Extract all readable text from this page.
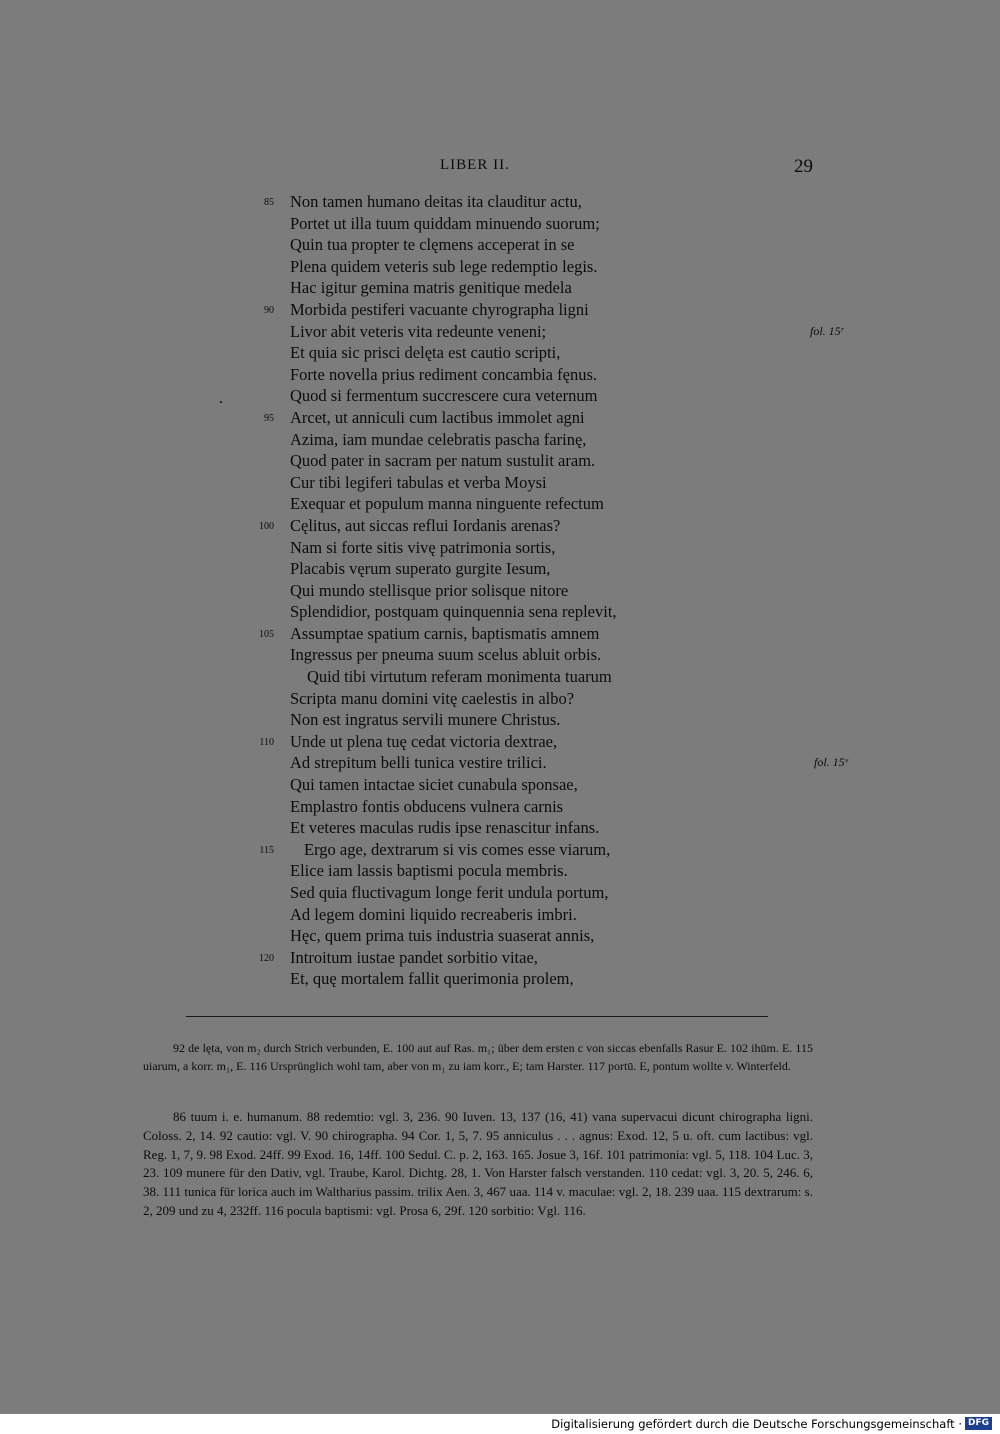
LIBER II.	29
85 Non tamen humano deitas ita clauditur actu,
Portet ut illa tuum quiddam minuendo suorum;
Quin tua propter te clęmens acceperat in se
Plena quidem veteris sub lege redemptio legis.
Hac igitur gemina matris genitique medela
90 Morbida pestiferi vacuante chyrographa ligni
Livor abit veteris vita redeunte veneni;	fol. 15ʳ
Et quia sic prisci delęta est cautio scripti,
Forte novella prius rediment concambia fęnus.
Quod si fermentum succrescere cura veternum
95 Arcet, ut anniculi cum lactibus immolet agni
Azima, iam mundae celebratis pascha farinę,
Quod pater in sacram per natum sustulit aram.
Cur tibi legiferi tabulas et verba Moysi
Exequar et populum manna ninguente refectum
100 Cęlitus, aut siccas reflui Iordanis arenas?
Nam si forte sitis vivę patrimonia sortis,
Placabis vęrum superato gurgite Iesum,
Qui mundo stellisque prior solisque nitore
Splendidior, postquam quinquennia sena replevit,
105 Assumptae spatium carnis, baptismatis amnem
Ingressus per pneuma suum scelus abluit orbis.
Quid tibi virtutum referam monimenta tuarum
Scripta manu domini vitę caelestis in albo?
Non est ingratus servili munere Christus.
110 Unde ut plena tuę cedat victoria dextrae,
Ad strepitum belli tunica vestire trilici.	fol. 15ᵛ
Qui tamen intactae siciet cunabula sponsae,
Emplastro fontis obducens vulnera carnis
Et veteres maculas rudis ipse renascitur infans.
115 Ergo age, dextrarum si vis comes esse viarum,
Elice iam lassis baptismi pocula membris.
Sed quia fluctivagum longe ferit undula portum,
Ad legem domini liquido recreaberis imbri.
Hęc, quem prima tuis industria suaserat annis,
120 Introitum iustae pandet sorbitio vitae,
Et, quę mortalem fallit querimonia prolem,

92 de lęta, von m₂ durch Strich verbunden, E. 100 aut auf Ras. m₁; über dem ersten c von siccas ebenfalls Rasur E. 102 ihūm. E. 115 uiarum, a korr. m₁, E. 116 Ursprünglich wohl tam, aber von m₁ zu iam korr., E; tam Harster. 117 portū. E, pontum wollte v. Winterfeld.

86 tuum i. e. humanum. 88 redemtio: vgl. 3, 236. 90 Iuven. 13, 137 (16, 41) vana supervacui dicunt chirographa ligni. Coloss. 2, 14. 92 cautio: vgl. V. 90 chirographa. 94 Cor. 1, 5, 7. 95 anniculus . . . agnus: Exod. 12, 5 u. oft. cum lactibus: vgl. Reg. 1, 7, 9. 98 Exod. 24ff. 99 Exod. 16, 14ff. 100 Sedul. C. p. 2, 163. 165. Josue 3, 16f. 101 patrimonia: vgl. 5, 118. 104 Luc. 3, 23. 109 munere für den Dativ, vgl. Traube, Karol. Dichtg. 28, 1. Von Harster falsch verstanden. 110 cedat: vgl. 3, 20. 5, 246. 6, 38. 111 tunica für lorica auch im Waltharius passim. trilix Aen. 3, 467 uaa. 114 v. maculae: vgl. 2, 18. 239 uaa. 115 dextrarum: s. 2, 209 und zu 4, 232ff. 116 pocula baptismi: vgl. Prosa 6, 29f. 120 sorbitio: Vgl. 116.

Digitalisierung gefördert durch die Deutsche Forschungsgemeinschaft · DFG
